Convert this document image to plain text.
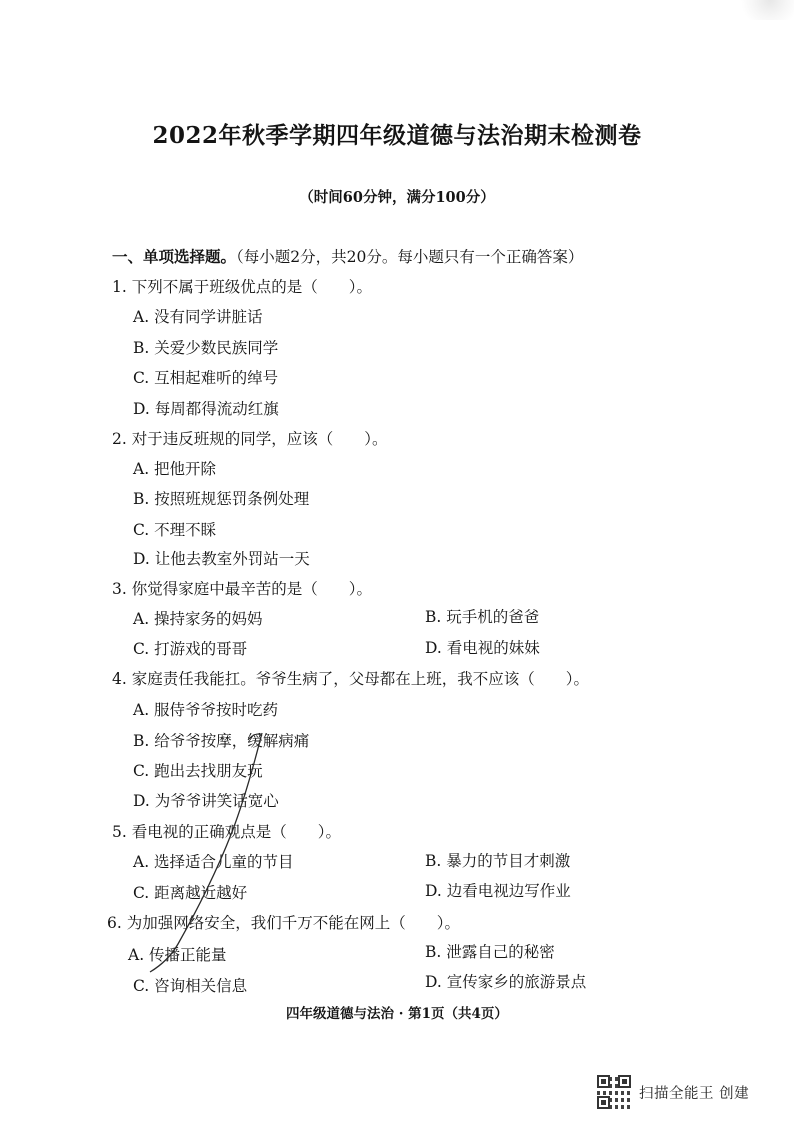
2022年秋季学期四年级道德与法治期末检测卷
（时间60分钟，满分100分）
一、单项选择题。（每小题2分，共20分。每小题只有一个正确答案）
1. 下列不属于班级优点的是（　　）。
A. 没有同学讲脏话
B. 关爱少数民族同学
C. 互相起难听的绰号
D. 每周都得流动红旗
2. 对于违反班规的同学，应该（　　）。
A. 把他开除
B. 按照班规惩罚条例处理
C. 不理不睬
D. 让他去教室外罚站一天
3. 你觉得家庭中最辛苦的是（　　）。
A. 操持家务的妈妈	B. 玩手机的爸爸
C. 打游戏的哥哥	D. 看电视的妹妹
4. 家庭责任我能扛。爷爷生病了，父母都在上班，我不应该（　　）。
A. 服侍爷爷按时吃药
B. 给爷爷按摩，缓解病痛
C. 跑出去找朋友玩
D. 为爷爷讲笑话宽心
5. 看电视的正确观点是（　　）。
A. 选择适合儿童的节目	B. 暴力的节目才刺激
C. 距离越近越好	D. 边看电视边写作业
6. 为加强网络安全，我们千万不能在网上（　　）。
A. 传播正能量	B. 泄露自己的秘密
C. 咨询相关信息	D. 宣传家乡的旅游景点
四年级道德与法治 · 第1页（共4页）
扫描全能王 创建
